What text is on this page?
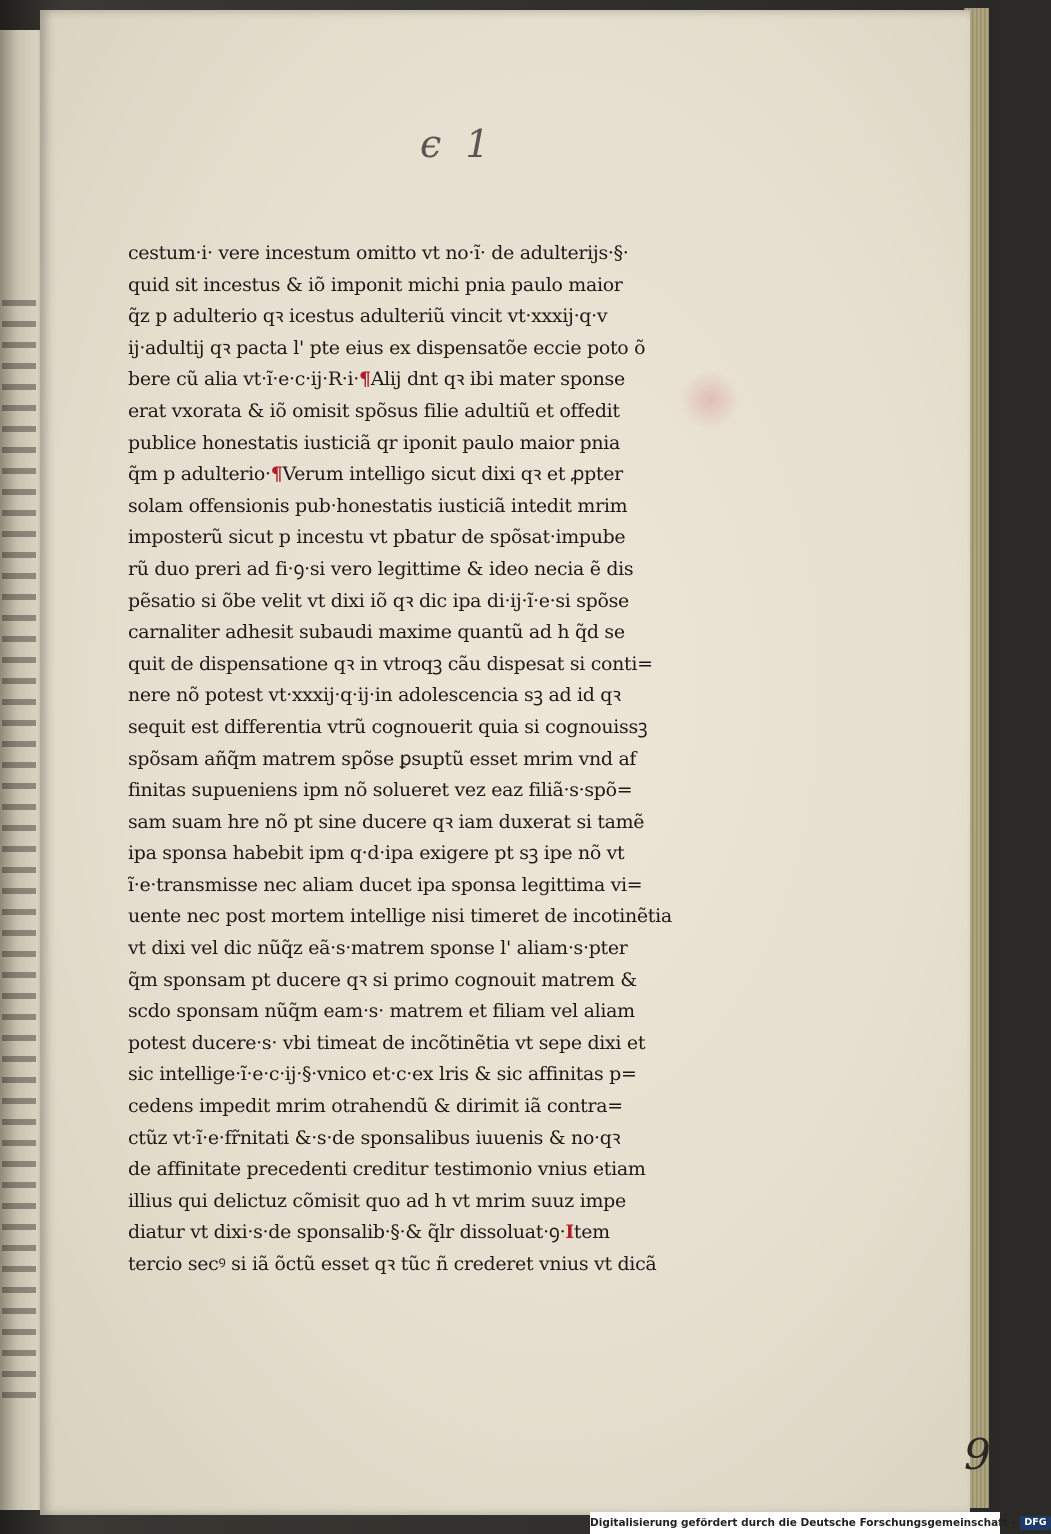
ϵ 1
cestum·i· vere incestum omitto vt no·ĩ· de adulterijs·§·
quid sit incestus & iõ imponit michi pnia paulo maior
q̃z p adulterio qꝛ icestus adulteriũ vincit vt·xxxij·q·v
ij·adultij qꝛ pacta l' pte eius ex dispensatõe eccie poto õ
bere cũ alia vt·ĩ·e·c·ij·R·i·¶Alij dnt qꝛ ibi mater sponse
erat vxorata & iõ omisit spõsus filie adultiũ et offedit
publice honestatis iusticiã qr iponit paulo maior pnia
q̃m p adulterio·¶Verum intelligo sicut dixi qꝛ et ꝓpter
solam offensionis pub·honestatis iusticiã intedit mrim
imposterũ sicut p incestu vt pbatur de spõsat·impube
rũ duo preri ad fi·ꝯ·si vero legittime & ideo necia ẽ dis
pẽsatio si õbe velit vt dixi iõ qꝛ dic ipa di·ij·ĩ·e·si spõse
carnaliter adhesit subaudi maxime quantũ ad h q̃d se
quit de dispensatione qꝛ in vtroqꝫ cãu dispesat si conti=
nere nõ potest vt·xxxij·q·ij·in adolescencia sꝫ ad id qꝛ
sequit est differentia vtrũ cognouerit quia si cognouissꝫ
spõsam añq̃m matrem spõse ꝑsuptũ esset mrim vnd af
finitas supueniens ipm nõ solueret vez eaz filiã·s·spõ=
sam suam hre nõ pt sine ducere qꝛ iam duxerat si tamẽ
ipa sponsa habebit ipm q·d·ipa exigere pt sꝫ ipe nõ vt
ĩ·e·transmisse nec aliam ducet ipa sponsa legittima vi=
uente nec post mortem intellige nisi timeret de incotinẽtia
vt dixi vel dic nũq̃z eã·s·matrem sponse l' aliam·s·pter
q̃m sponsam pt ducere qꝛ si primo cognouit matrem &
scdo sponsam nũq̃m eam·s· matrem et filiam vel aliam
potest ducere·s· vbi timeat de incõtinẽtia vt sepe dixi et
sic intellige·ĩ·e·c·ij·§·vnico et·c·ex lris & sic affinitas p=
cedens impedit mrim otrahendũ & dirimit iã contra=
ctũz vt·ĩ·e·fr̃nitati &·s·de sponsalibus iuuenis & no·qꝛ
de affinitate precedenti creditur testimonio vnius etiam
illius qui delictuz cõmisit quo ad h vt mrim suuz impe
diatur vt dixi·s·de sponsalib·§·& q̃lr dissoluat·ꝯ·Item
tercio secꝰ si iã õctũ esset qꝛ tũc ñ crederet vnius vt dicã
9
Digitalisierung gefördert durch die Deutsche Forschungsgemeinschaft · DFG
